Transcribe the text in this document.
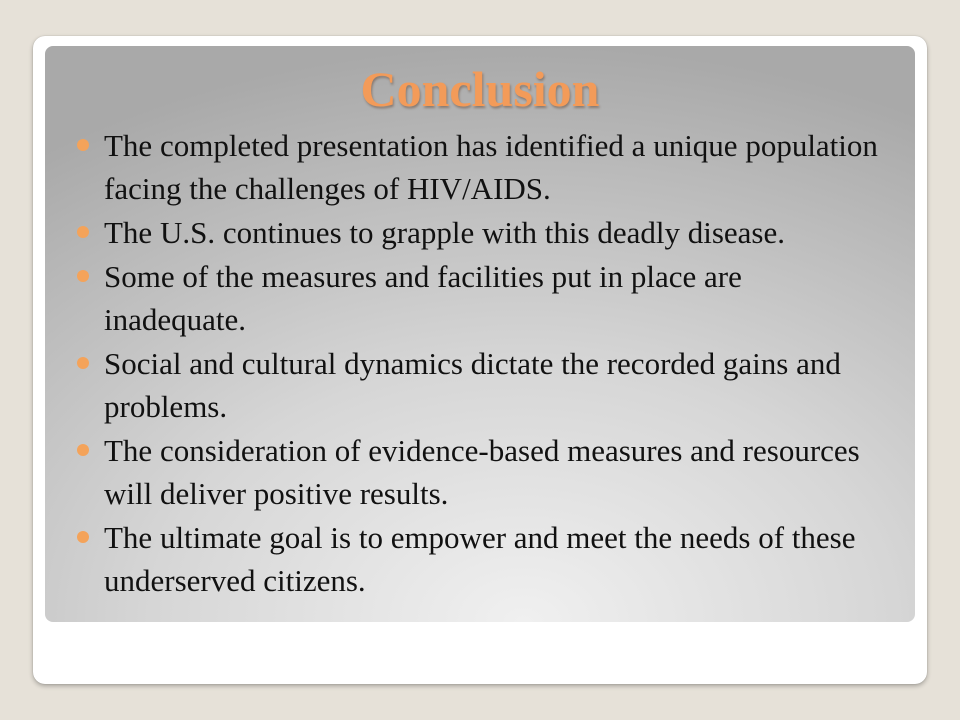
Conclusion
The completed presentation has identified a unique population facing the challenges of HIV/AIDS.
The U.S. continues to grapple with this deadly disease.
Some of the measures and facilities put in place are inadequate.
Social and cultural dynamics dictate the recorded gains and problems.
The consideration of evidence-based measures and resources will deliver positive results.
The ultimate goal is to empower and meet the needs of these underserved citizens.
